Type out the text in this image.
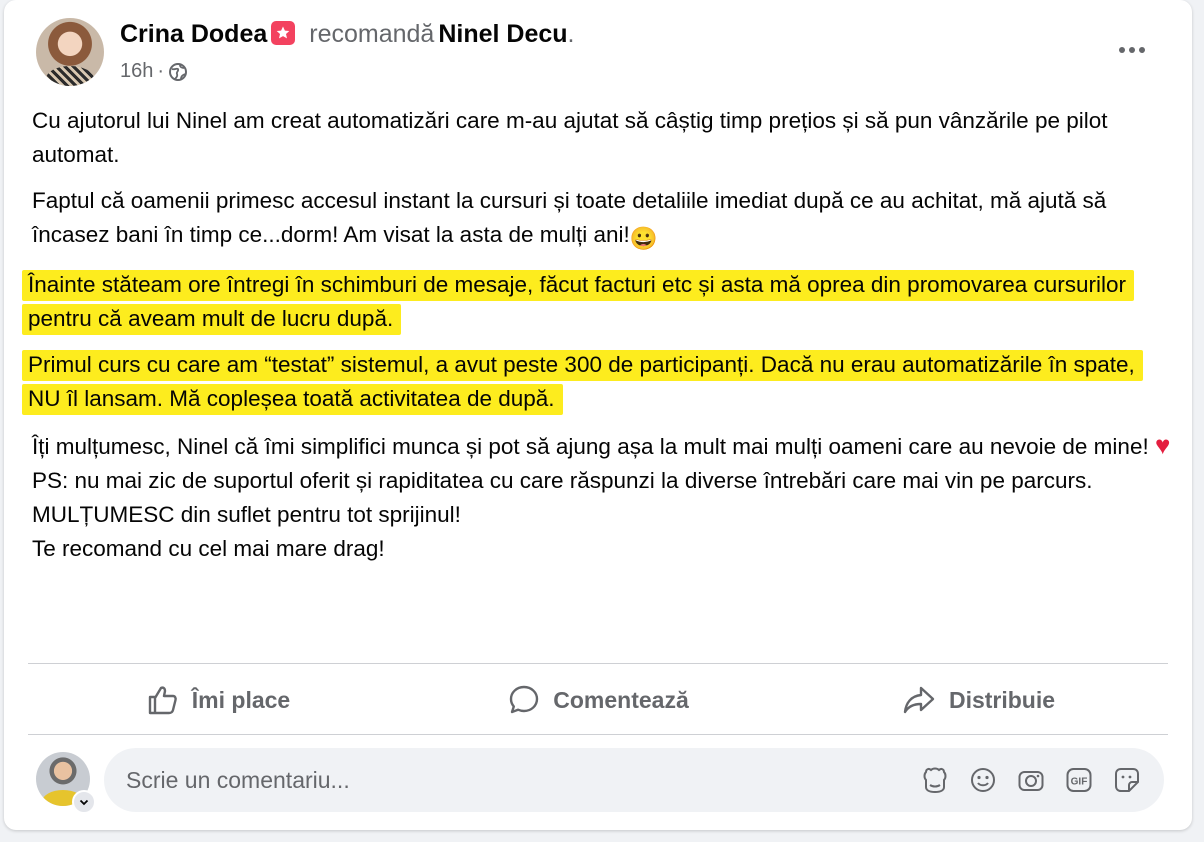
Crina Dodea recomandă Ninel Decu.
16h ·

Cu ajutorul lui Ninel am creat automatizări care m-au ajutat să câștig timp prețios și să pun vânzările pe pilot automat.

Faptul că oamenii primesc accesul instant la cursuri și toate detaliile imediat după ce au achitat, mă ajută să încasez bani în timp ce...dorm! Am visat la asta de mulți ani!😀

Înainte stăteam ore întregi în schimburi de mesaje, făcut facturi etc și asta mă oprea din promovarea cursurilor pentru că aveam mult de lucru după.

Primul curs cu care am “testat” sistemul, a avut peste 300 de participanți. Dacă nu erau automatizările în spate, NU îl lansam. Mă copleșea toată activitatea de după.

Îți mulțumesc, Ninel că îmi simplifici munca și pot să ajung așa la mult mai mulți oameni care au nevoie de mine! ♥
PS: nu mai zic de suportul oferit și rapiditatea cu care răspunzi la diverse întrebări care mai vin pe parcurs.
MULȚUMESC din suflet pentru tot sprijinul!
Te recomand cu cel mai mare drag!

Îmi place	Comentează	Distribuie
Scrie un comentariu...
GIF
